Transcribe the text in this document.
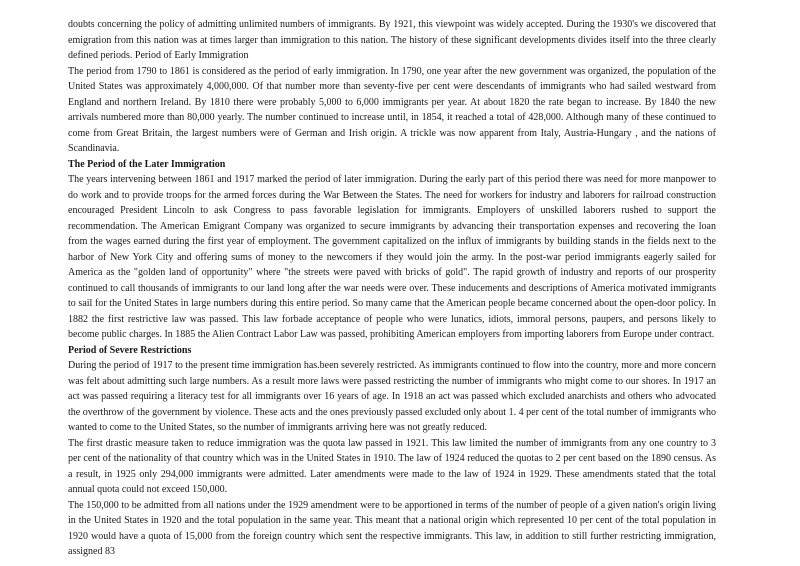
doubts concerning the policy of admitting unlimited numbers of immigrants. By 1921, this viewpoint was widely accepted. During the 1930's we discovered that emigration from this nation was at times larger than immigration to this nation. The history of these significant developments divides itself into the three clearly defined periods. Period of Early Immigration

The period from 1790 to 1861 is considered as the period of early immigration. In 1790, one year after the new government was organized, the population of the United States was approximately 4,000,000. Of that number more than seventy-five per cent were descendants of immigrants who had sailed westward from England and northern Ireland. By 1810 there were probably 5,000 to 6,000 immigrants per year. At about 1820 the rate began to increase. By 1840 the new arrivals numbered more than 80,000 yearly. The number continued to increase until, in 1854, it reached a total of 428,000. Although many of these continued to come from Great Britain, the largest numbers were of German and Irish origin. A trickle was now apparent from Italy, Austria-Hungary , and the nations of Scandinavia.

The Period of the Later Immigration

The years intervening between 1861 and 1917 marked the period of later immigration. During the early part of this period there was need for more manpower to do work and to provide troops for the armed forces during the War Between the States. The need for workers for industry and laborers for railroad construction encouraged President Lincoln to ask Congress to pass favorable legislation for immigrants. Employers of unskilled laborers rushed to support the recommendation. The American Emigrant Company was organized to secure immigrants by advancing their transportation expenses and recovering the loan from the wages earned during the first year of employment. The government capitalized on the influx of immigrants by building stands in the fields next to the harbor of New York City and offering sums of money to the newcomers if they would join the army. In the post-war period immigrants eagerly sailed for America as the "golden land of opportunity" where "the streets were paved with bricks of gold". The rapid growth of industry and reports of our prosperity continued to call thousands of immigrants to our land long after the war needs were over. These inducements and descriptions of America motivated immigrants to sail for the United States in large numbers during this entire period. So many came that the American people became concerned about the open-door policy. In 1882 the first restrictive law was passed. This law forbade acceptance of people who were lunatics, idiots, immoral persons, paupers, and persons likely to become public charges. In 1885 the Alien Contract Labor Law was passed, prohibiting American employers from importing laborers from Europe under contract.

Period of Severe Restrictions

During the period of 1917 to the present time immigration has.been severely restricted. As immigrants continued to flow into the country, more and more concern was felt about admitting such large numbers. As a result more laws were passed restricting the number of immigrants who might come to our shores. In 1917 an act was passed requiring a literacy test for all immigrants over 16 years of age. In 1918 an act was passed which excluded anarchists and others who advocated the overthrow of the government by violence. These acts and the ones previously passed excluded only about 1. 4 per cent of the total number of immigrants who wanted to come to the United States, so the number of immigrants arriving here was not greatly reduced.

The first drastic measure taken to reduce immigration was the quota law passed in 1921. This law limited the number of immigrants from any one country to 3 per cent of the nationality of that country which was in the United States in 1910. The law of 1924 reduced the quotas to 2 per cent based on the 1890 census. As a result, in 1925 only 294,000 immigrants were admitted. Later amendments were made to the law of 1924 in 1929. These amendments stated that the total annual quota could not exceed 150,000.

The 150,000 to be admitted from all nations under the 1929 amendment were to be apportioned in terms of the number of people of a given nation's origin living in the United States in 1920 and the total population in the same year. This meant that a national origin which represented 10 per cent of the total population in 1920 would have a quota of 15,000 from the foreign country which sent the respective immigrants. This law, in addition to still further restricting immigration, assigned 83
